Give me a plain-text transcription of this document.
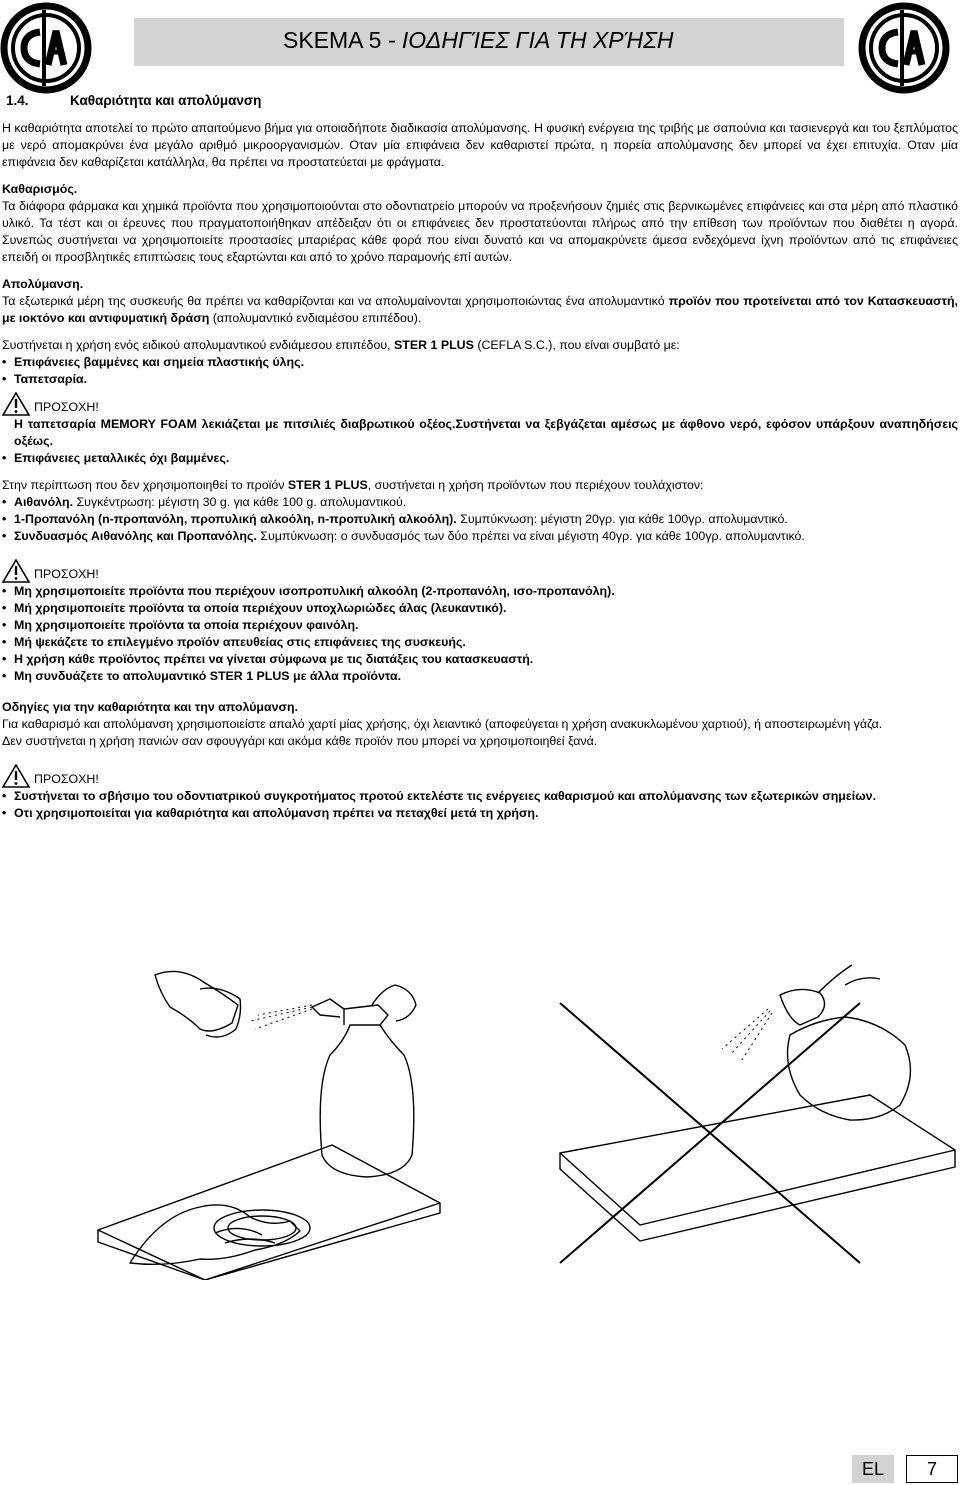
SKEMA 5 - ΙΟΔΗΓΊΕΣ ΓΙΑ ΤΗ ΧΡΉΣΗ
1.4.	Καθαριότητα και απολύμανση

Η καθαριότητα αποτελεί το πρώτο απαιτούμενο βήμα για οποιαδήποτε διαδικασία απολύμανσης. Η φυσική ενέργεια της τριβής με σαπούνια και τασιενεργά και του ξεπλύματος με νερό απομακρύνει ένα μεγάλο αριθμό μικροοργανισμών. Οταν μία επιφάνεια δεν καθαριστεί πρώτα, η πορεία απολύμανσης δεν μπορεί να έχει επιτυχία. Οταν μία επιφάνεια δεν καθαρίζεται κατάλληλα, θα πρέπει να προστατεύεται με φράγματα.

Καθαρισμός.
Τα διάφορα φάρμακα και χημικά προϊόντα που χρησιμοποιούνται στο οδοντιατρείο μπορούν να προξενήσουν ζημιές στις βερνικωμένες επιφάνειες και στα μέρη από πλαστικό υλικό. Τα τέστ και οι έρευνες που πραγματοποιήθηκαν απέδειξαν ότι οι επιφάνειες δεν προστατεύονται πλήρως από την επίθεση των προϊόντων που διαθέτει η αγορά. Συνεπώς συστήνεται να χρησιμοποιείτε προστασίες μπαριέρας κάθε φορά που είναι δυνατό και να απομακρύνετε άμεσα ενδεχόμενα ίχνη προϊόντων από τις επιφάνειες επειδή οι προσβλητικές επιπτώσεις τους εξαρτώνται και από το χρόνο παραμονής επί αυτών.

Απολύμανση.
Τα εξωτερικά μέρη της συσκευής θα πρέπει να καθαρίζονται και να απολυμαίνονται χρησιμοποιώντας ένα απολυμαντικό προϊόν που προτείνεται από τον Κατασκευαστή, με ιοκτόνο και αντιφυματική δράση (απολυμαντικό ενδιαμέσου επιπέδου).

Συστήνεται η χρήση ενός ειδικού απολυμαντικού ενδιάμεσου επιπέδου, STER 1 PLUS (CEFLA S.C.), που είναι συμβατό με:
• Επιφάνειες βαμμένες και σημεία πλαστικής ύλης.
• Ταπετσαρία.
ΠΡΟΣΟΧΗ!
Η ταπετσαρία MEMORY FOAM λεκιάζεται με πιτσιλιές διαβρωτικού οξέος.Συστήνεται να ξεβγάζεται αμέσως με άφθονο νερό, εφόσον υπάρξουν αναπηδήσεις οξέως.
• Επιφάνειες μεταλλικές όχι βαμμένες.
Στην περίπτωση που δεν χρησιμοποιηθεί το προϊόν STER 1 PLUS, συστήνεται η χρήση προϊόντων που περιέχουν τουλάχιστον:
• Αιθανόλη. Συγκέντρωση: μέγιστη 30 g. για κάθε 100 g. απολυμαντικού.
• 1-Προπανόλη (n-προπανόλη, προπυλική αλκοόλη, n-προπυλική αλκοόλη). Συμπύκνωση: μέγιστη 20γρ. για κάθε 100γρ. απολυμαντικό.
• Συνδυασμός Αιθανόλης και Προπανόλης. Συμπύκνωση: ο συνδυασμός των δύο πρέπει να είναι μέγιστη 40γρ. για κάθε 100γρ. απολυμαντικό.
ΠΡΟΣΟΧΗ!
• Μη χρησιμοποιείτε προϊόντα που περιέχουν ισοπροπυλική αλκοόλη (2-προπανόλη, ισο-προπανόλη).
• Μή χρησιμοποιείτε προϊόντα τα οποία περιέχουν υποχλωριώδες άλας (λευκαντικό).
• Μη χρησιμοποιείτε προϊόντα τα οποία περιέχουν φαινόλη.
• Μή ψεκάζετε το επιλεγμένο προϊόν απευθείας στις επιφάνειες της συσκευής.
• Η χρήση κάθε προϊόντος πρέπει να γίνεται σύμφωνα με τις διατάξεις του κατασκευαστή.
• Μη συνδυάζετε το απολυμαντικό STER 1 PLUS με άλλα προϊόντα.
Οδηγίες για την καθαριότητα και την απολύμανση.
Για καθαρισμό και απολύμανση χρησιμοποιείστε απαλό χαρτί μίας χρήσης, όχι λειαντικό (αποφεύγεται η χρήση ανακυκλωμένου χαρτιού), ή αποστειρωμένη γάζα.
Δεν συστήνεται η χρήση πανιών σαν σφουγγάρι και ακόμα κάθε προϊόν που μπορεί να χρησιμοποιηθεί ξανά.
ΠΡΟΣΟΧΗ!
• Συστήνεται το σβήσιμο του οδοντιατρικού συγκροτήματος προτού εκτελέστε τις ενέργειες καθαρισμού και απολύμανσης των εξωτερικών σημείων.
• Οτι χρησιμοποιείται για καθαριότητα και απολύμανση πρέπει να πεταχθεί μετά τη χρήση.
EL	7
